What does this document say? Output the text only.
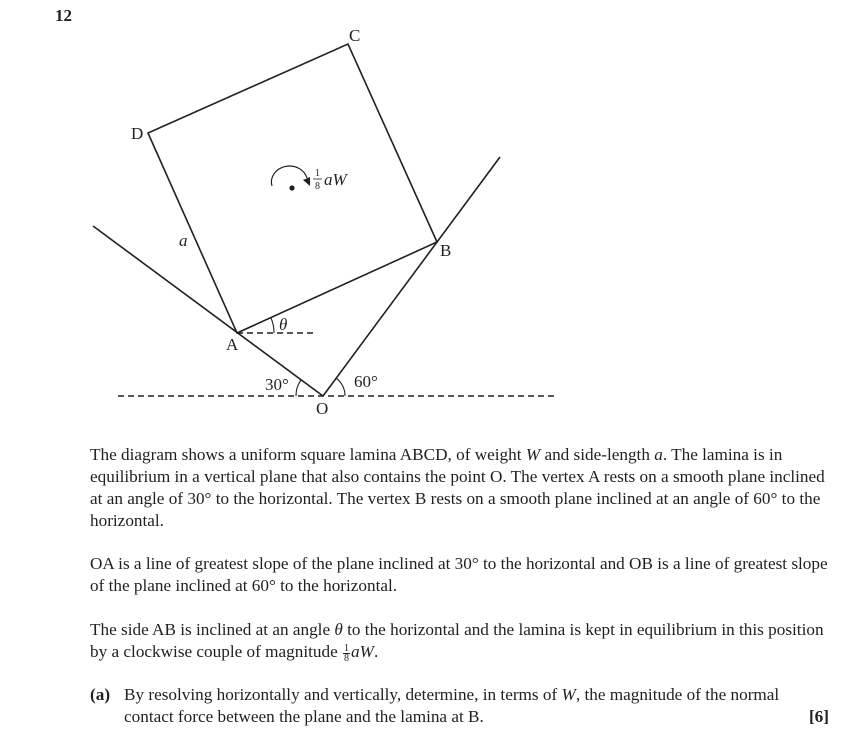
12
C
D
B
A
O
a
θ
30°	60°
1
8 aW
The diagram shows a uniform square lamina ABCD, of weight W and side-length a. The lamina is in equilibrium in a vertical plane that also contains the point O. The vertex A rests on a smooth plane inclined at an angle of 30° to the horizontal. The vertex B rests on a smooth plane inclined at an angle of 60° to the horizontal.
OA is a line of greatest slope of the plane inclined at 30° to the horizontal and OB is a line of greatest slope of the plane inclined at 60° to the horizontal.
The side AB is inclined at an angle θ to the horizontal and the lamina is kept in equilibrium in this position by a clockwise couple of magnitude $\frac{1}{8}$ aW.
(a) By resolving horizontally and vertically, determine, in terms of W, the magnitude of the normal contact force between the plane and the lamina at B.	[6]
